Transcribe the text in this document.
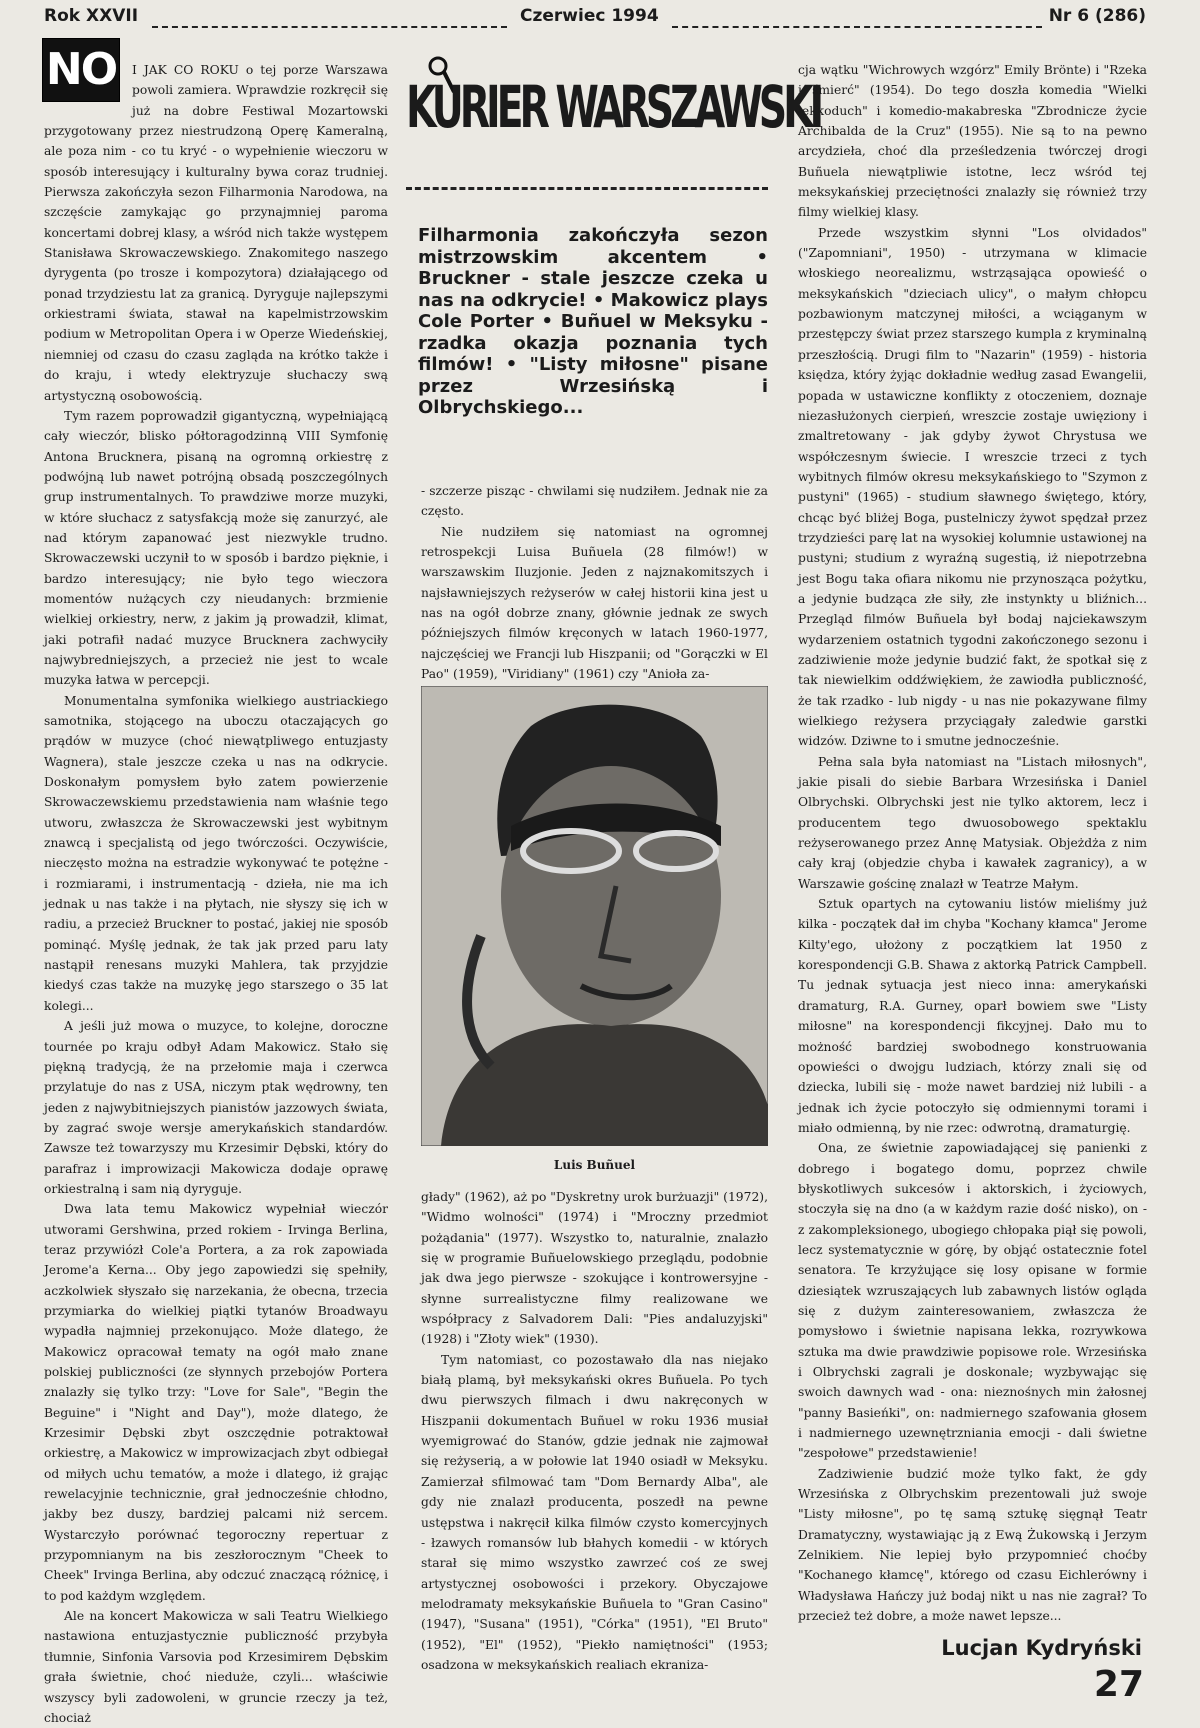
Rok XXVII	Czerwiec 1994	Nr 6 (286)
NO	I JAK CO ROKU o tej porze Warszawa powoli zamiera. Wprawdzie rozkręcił się już na dobre Festiwal Mozartowski przygotowany przez niestrudzoną Operę Kameralną, ale poza nim - co tu kryć - o wypełnienie wieczoru w sposób interesujący i kulturalny bywa coraz trudniej. Pierwsza zakończyła sezon Filharmonia Narodowa, na szczęście zamykając go przynajmniej paroma koncertami dobrej klasy, a wśród nich także występem Stanisława Skrowaczewskiego. Znakomitego naszego dyrygenta (po trosze i kompozytora) działającego od ponad trzydziestu lat za granicą. Dyryguje najlepszymi orkiestrami świata, stawał na kapelmistrzowskim podium w Metropolitan Opera i w Operze Wiedeńskiej, niemniej od czasu do czasu zagląda na krótko także i do kraju, i wtedy elektryzuje słuchaczy swą artystyczną osobowością.

Tym razem poprowadził gigantyczną, wypełniającą cały wieczór, blisko półtoragodzinną VIII Symfonię Antona Brucknera, pisaną na ogromną orkiestrę z podwójną lub nawet potrójną obsadą poszczególnych grup instrumentalnych. To prawdziwe morze muzyki, w które słuchacz z satysfakcją może się zanurzyć, ale nad którym zapanować jest niezwykle trudno. Skrowaczewski uczynił to w sposób i bardzo pięknie, i bardzo interesujący; nie było tego wieczora momentów nużących czy nieudanych: brzmienie wielkiej orkiestry, nerw, z jakim ją prowadził, klimat, jaki potrafił nadać muzyce Brucknera zachwyciły najwybredniejszych, a przecież nie jest to wcale muzyka łatwa w percepcji.

Monumentalna symfonika wielkiego austriackiego samotnika, stojącego na uboczu otaczających go prądów w muzyce (choć niewątpliwego entuzjasty Wagnera), stale jeszcze czeka u nas na odkrycie. Doskonałym pomysłem było zatem powierzenie Skrowaczewskiemu przedstawienia nam właśnie tego utworu, zwłaszcza że Skrowaczewski jest wybitnym znawcą i specjalistą od jego twórczości. Oczywiście, nieczęsto można na estradzie wykonywać te potężne - i rozmiarami, i instrumentacją - dzieła, nie ma ich jednak u nas także i na płytach, nie słyszy się ich w radiu, a przecież Bruckner to postać, jakiej nie sposób pominąć. Myślę jednak, że tak jak przed paru laty nastąpił renesans muzyki Mahlera, tak przyjdzie kiedyś czas także na muzykę jego starszego o 35 lat kolegi...

A jeśli już mowa o muzyce, to kolejne, doroczne tournée po kraju odbył Adam Makowicz. Stało się piękną tradycją, że na przełomie maja i czerwca przylatuje do nas z USA, niczym ptak wędrowny, ten jeden z najwybitniejszych pianistów jazzowych świata, by zagrać swoje wersje amerykańskich standardów. Zawsze też towarzyszy mu Krzesimir Dębski, który do parafraz i improwizacji Makowicza dodaje oprawę orkiestralną i sam nią dyryguje.

Dwa lata temu Makowicz wypełniał wieczór utworami Gershwina, przed rokiem - Irvinga Berlina, teraz przywiózł Cole'a Portera, a za rok zapowiada Jerome'a Kerna... Oby jego zapowiedzi się spełniły, aczkolwiek słyszało się narzekania, że obecna, trzecia przymiarka do wielkiej piątki tytanów Broadwayu wypadła najmniej przekonująco. Może dlatego, że Makowicz opracował tematy na ogół mało znane polskiej publiczności (ze słynnych przebojów Portera znalazły się tylko trzy: "Love for Sale", "Begin the Beguine" i "Night and Day"), może dlatego, że Krzesimir Dębski zbyt oszczędnie potraktował orkiestrę, a Makowicz w improwizacjach zbyt odbiegał od miłych uchu tematów, a może i dlatego, iż grając rewelacyjnie technicznie, grał jednocześnie chłodno, jakby bez duszy, bardziej palcami niż sercem. Wystarczyło porównać tegoroczny repertuar z przypomnianym na bis zeszłorocznym "Cheek to Cheek" Irvinga Berlina, aby odczuć znaczącą różnicę, i to pod każdym względem.

Ale na koncert Makowicza w sali Teatru Wielkiego nastawiona entuzjastycznie publiczność przybyła tłumnie, Sinfonia Varsovia pod Krzesimirem Dębskim grała świetnie, choć nieduże, czyli... właściwie wszyscy byli zadowoleni, w gruncie rzeczy ja też, chociaż

KURIER WARSZAWSKI
Filharmonia zakończyła sezon mistrzowskim akcentem • Bruckner - stale jeszcze czeka u nas na odkrycie! • Makowicz plays Cole Porter • Buñuel w Meksyku - rzadka okazja poznania tych filmów! • "Listy miłosne" pisane przez Wrzesińską i Olbrychskiego...

- szczerze pisząc - chwilami się nudziłem. Jednak nie za często.

Nie nudziłem się natomiast na ogromnej retrospekcji Luisa Buñuela (28 filmów!) w warszawskim Iluzjonie. Jeden z najznakomitszych i najsławniejszych reżyserów w całej historii kina jest u nas na ogół dobrze znany, głównie jednak ze swych późniejszych filmów kręconych w latach 1960-1977, najczęściej we Francji lub Hiszpanii; od "Gorączki w El Pao" (1959), "Viridiany" (1961) czy "Anioła za-

Luis Buñuel

głady" (1962), aż po "Dyskretny urok burżuazji" (1972), "Widmo wolności" (1974) i "Mroczny przedmiot pożądania" (1977). Wszystko to, naturalnie, znalazło się w programie Buñuelowskiego przeglądu, podobnie jak dwa jego pierwsze - szokujące i kontrowersyjne - słynne surrealistyczne filmy realizowane we współpracy z Salvadorem Dali: "Pies andaluzyjski" (1928) i "Złoty wiek" (1930).

Tym natomiast, co pozostawało dla nas niejako białą plamą, był meksykański okres Buñuela. Po tych dwu pierwszych filmach i dwu nakręconych w Hiszpanii dokumentach Buñuel w roku 1936 musiał wyemigrować do Stanów, gdzie jednak nie zajmował się reżyserią, a w połowie lat 1940 osiadł w Meksyku. Zamierzał sfilmować tam "Dom Bernardy Alba", ale gdy nie znalazł producenta, poszedł na pewne ustępstwa i nakręcił kilka filmów czysto komercyjnych - łzawych romansów lub błahych komedii - w których starał się mimo wszystko zawrzeć coś ze swej artystycznej osobowości i przekory. Obyczajowe melodramaty meksykańskie Buñuela to "Gran Casino" (1947), "Susana" (1951), "Córka" (1951), "El Bruto" (1952), "El" (1952), "Piekło namiętności" (1953; osadzona w meksykańskich realiach ekraniza-

cja wątku "Wichrowych wzgórz" Emily Brönte) i "Rzeka i śmierć" (1954). Do tego doszła komedia "Wielki lekkoduch" i komedio-makabreska "Zbrodnicze życie Archibalda de la Cruz" (1955). Nie są to na pewno arcydzieła, choć dla prześledzenia twórczej drogi Buñuela niewątpliwie istotne, lecz wśród tej meksykańskiej przeciętności znalazły się również trzy filmy wielkiej klasy.

Przede wszystkim słynni "Los olvidados" ("Zapomniani", 1950) - utrzymana w klimacie włoskiego neorealizmu, wstrząsająca opowieść o meksykańskich "dzieciach ulicy", o małym chłopcu pozbawionym matczynej miłości, a wciąganym w przestępczy świat przez starszego kumpla z kryminalną przeszłością. Drugi film to "Nazarin" (1959) - historia księdza, który żyjąc dokładnie według zasad Ewangelii, popada w ustawiczne konflikty z otoczeniem, doznaje niezasłużonych cierpień, wreszcie zostaje uwięziony i zmaltretowany - jak gdyby żywot Chrystusa we współczesnym świecie. I wreszcie trzeci z tych wybitnych filmów okresu meksykańskiego to "Szymon z pustyni" (1965) - studium sławnego świętego, który, chcąc być bliżej Boga, pustelniczy żywot spędzał przez trzydzieści parę lat na wysokiej kolumnie ustawionej na pustyni; studium z wyraźną sugestią, iż niepotrzebna jest Bogu taka ofiara nikomu nie przynosząca pożytku, a jedynie budząca złe siły, złe instynkty u bliźnich... Przegląd filmów Buñuela był bodaj najciekawszym wydarzeniem ostatnich tygodni zakończonego sezonu i zadziwienie może jedynie budzić fakt, że spotkał się z tak niewielkim oddźwiękiem, że zawiodła publiczność, że tak rzadko - lub nigdy - u nas nie pokazywane filmy wielkiego reżysera przyciągały zaledwie garstki widzów. Dziwne to i smutne jednocześnie.

Pełna sala była natomiast na "Listach miłosnych", jakie pisali do siebie Barbara Wrzesińska i Daniel Olbrychski. Olbrychski jest nie tylko aktorem, lecz i producentem tego dwuosobowego spektaklu reżyserowanego przez Annę Matysiak. Objeżdża z nim cały kraj (objedzie chyba i kawałek zagranicy), a w Warszawie gościnę znalazł w Teatrze Małym.

Sztuk opartych na cytowaniu listów mieliśmy już kilka - początek dał im chyba "Kochany kłamca" Jerome Kilty'ego, ułożony z początkiem lat 1950 z korespondencji G.B. Shawa z aktorką Patrick Campbell. Tu jednak sytuacja jest nieco inna: amerykański dramaturg, R.A. Gurney, oparł bowiem swe "Listy miłosne" na korespondencji fikcyjnej. Dało mu to możność bardziej swobodnego konstruowania opowieści o dwojgu ludziach, którzy znali się od dziecka, lubili się - może nawet bardziej niż lubili - a jednak ich życie potoczyło się odmiennymi torami i miało odmienną, by nie rzec: odwrotną, dramaturgię.

Ona, ze świetnie zapowiadającej się panienki z dobrego i bogatego domu, poprzez chwile błyskotliwych sukcesów i aktorskich, i życiowych, stoczyła się na dno (a w każdym razie dość nisko), on - z zakompleksionego, ubogiego chłopaka piął się powoli, lecz systematycznie w górę, by objąć ostatecznie fotel senatora. Te krzyżujące się losy opisane w formie dziesiątek wzruszających lub zabawnych listów ogląda się z dużym zainteresowaniem, zwłaszcza że pomysłowo i świetnie napisana lekka, rozrywkowa sztuka ma dwie prawdziwie popisowe role. Wrzesińska i Olbrychski zagrali je doskonale; wyzbywając się swoich dawnych wad - ona: nieznośnych min żałosnej "panny Basieńki", on: nadmiernego szafowania głosem i nadmiernego uzewnętrzniania emocji - dali świetne "zespołowe" przedstawienie!

Zadziwienie budzić może tylko fakt, że gdy Wrzesińska z Olbrychskim prezentowali już swoje "Listy miłosne", po tę samą sztukę sięgnął Teatr Dramatyczny, wystawiając ją z Ewą Żukowską i Jerzym Zelnikiem. Nie lepiej było przypomnieć choćby "Kochanego kłamcę", którego od czasu Eichlerówny i Władysława Hańczy już bodaj nikt u nas nie zagrał? To przecież też dobre, a może nawet lepsze...

Lucjan Kydryński
27
